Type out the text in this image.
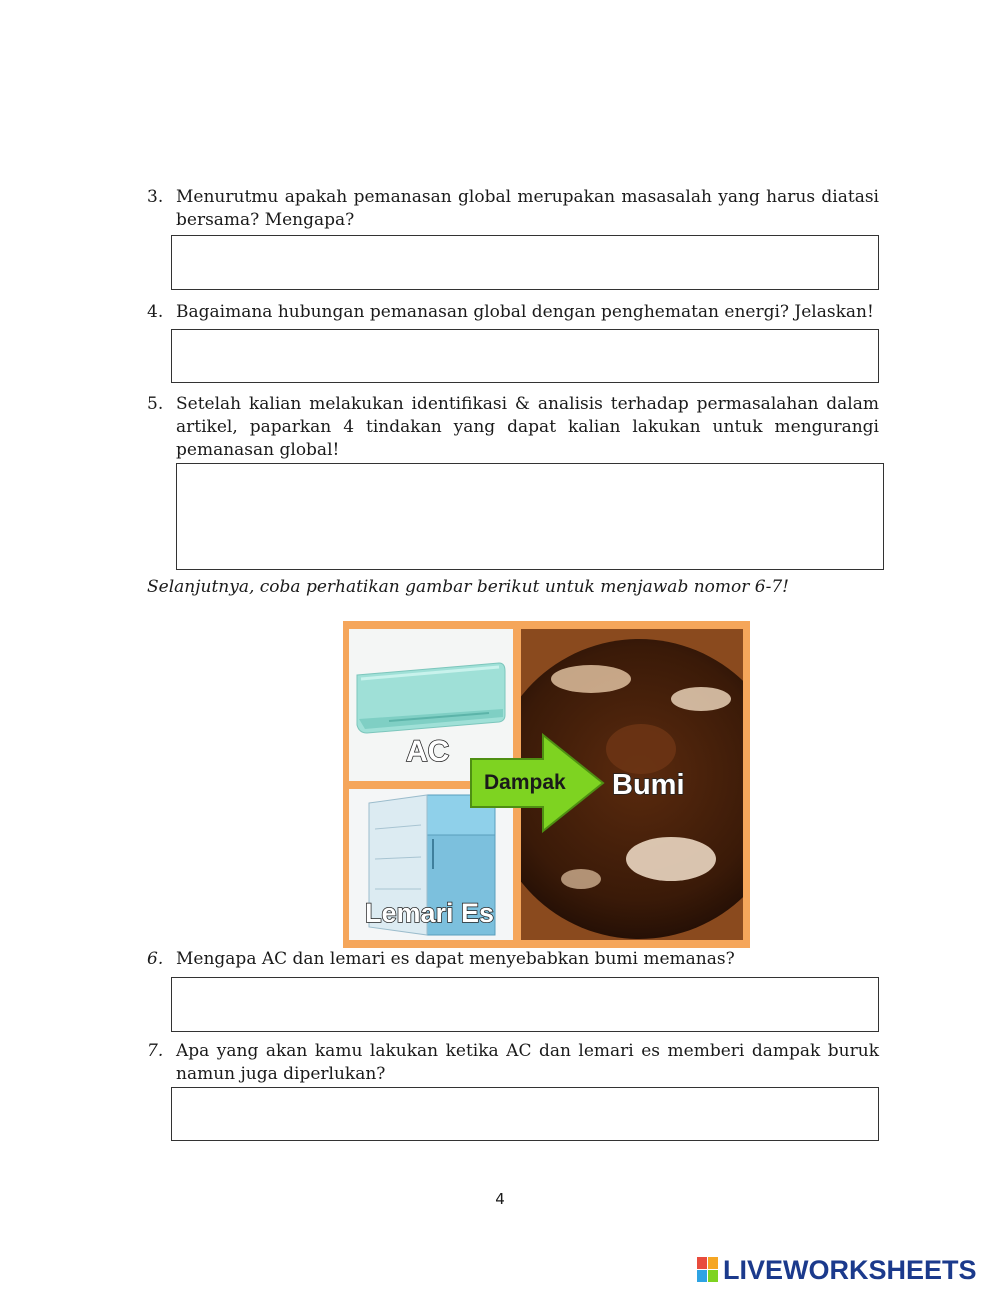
3. Menurutmu apakah pemanasan global merupakan masasalah yang harus diatasi bersama? Mengapa?
4. Bagaimana hubungan pemanasan global dengan penghematan energi? Jelaskan!
5. Setelah kalian melakukan identifikasi & analisis terhadap permasalahan dalam artikel, paparkan 4 tindakan yang dapat kalian lakukan untuk mengurangi pemanasan global!
Selanjutnya, coba perhatikan gambar berikut untuk menjawab nomor 6-7!
AC
Lemari Es
Bumi
Dampak
6. Mengapa AC dan lemari es dapat menyebabkan bumi memanas?
7. Apa yang akan kamu lakukan ketika AC dan lemari es memberi dampak buruk namun juga diperlukan?
4
LIVEWORKSHEETS
